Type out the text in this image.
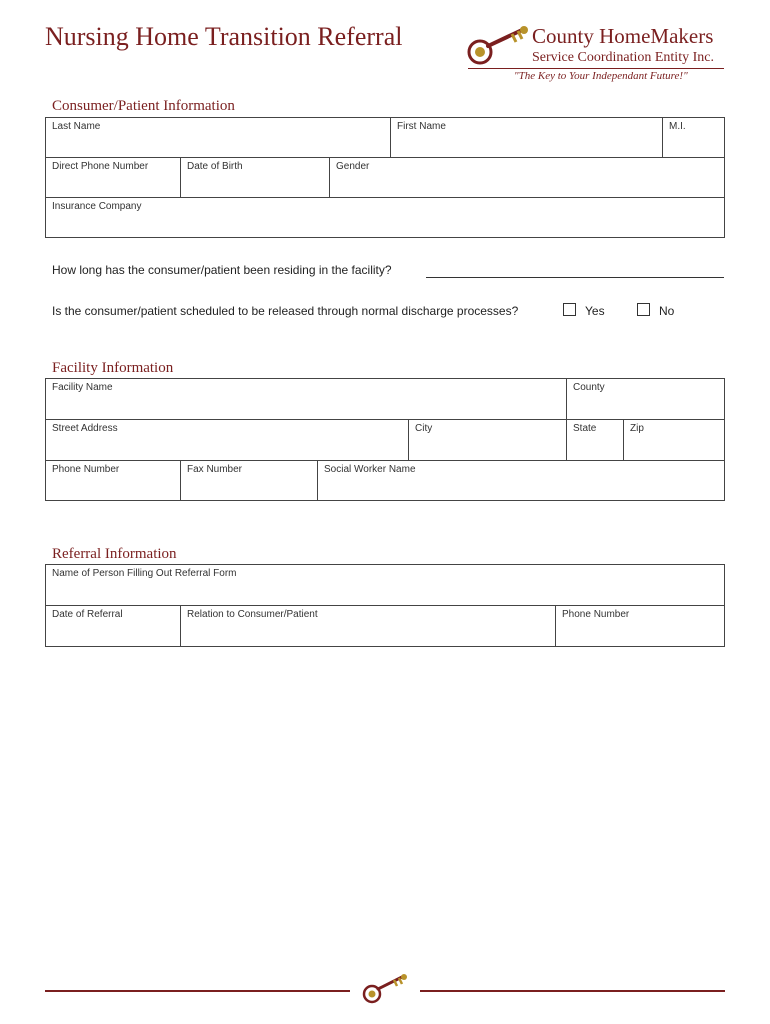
Nursing Home Transition Referral	County HomeMakers
Service Coordination Entity Inc.
"The Key to Your Independant Future!"
Consumer/Patient Information
Last Name	First Name	M.I.
Direct Phone Number	Date of Birth	Gender
Insurance Company
How long has the consumer/patient been residing in the facility?
Is the consumer/patient scheduled to be released through normal discharge processes?	Yes	No
Facility Information
Facility Name	County
Street Address	City	State	Zip
Phone Number	Fax Number	Social Worker Name
Referral Information
Name of Person Filling Out Referral Form
Date of Referral	Relation to Consumer/Patient	Phone Number
